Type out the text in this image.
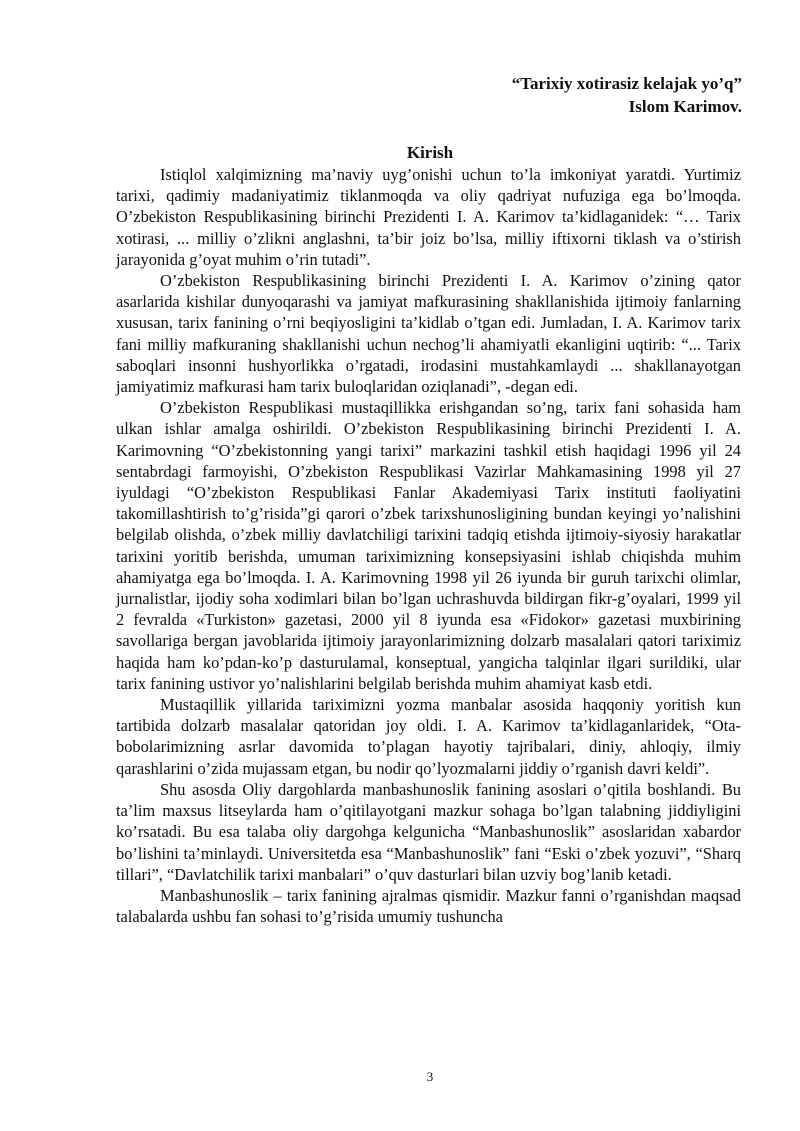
“Tarixiy xotirasiz kelajak yo’q”
Islom Karimov.
Kirish

Istiqlol xalqimizning ma’naviy uyg’onishi uchun to’la imkoniyat yaratdi. Yurtimiz tarixi, qadimiy madaniyatimiz tiklanmoqda va oliy qadriyat nufuziga ega bo’lmoqda. O’zbekiston Respublikasining birinchi Prezidenti I. A. Karimov ta’kidlaganidek: “… Tarix xotirasi, ... milliy o’zlikni anglashni, ta’bir joiz bo’lsa, milliy iftixorni tiklash va o’stirish jarayonida g’oyat muhim o’rin tutadi”.

O’zbekiston Respublikasining birinchi Prezidenti I. A. Karimov o’zining qator asarlarida kishilar dunyoqarashi va jamiyat mafkurasining shakllanishida ijtimoiy fanlarning xususan, tarix fanining o’rni beqiyosligini ta’kidlab o’tgan edi. Jumladan, I. A. Karimov tarix fani milliy mafkuraning shakllanishi uchun nechog’li ahamiyatli ekanligini uqtirib: “... Tarix saboqlari insonni hushyorlikka o’rgatadi, irodasini mustahkamlaydi ... shakllanayotgan jamiyatimiz mafkurasi ham tarix buloqlaridan oziqlanadi”, -degan edi.

O’zbekiston Respublikasi mustaqillikka erishgandan so’ng, tarix fani sohasida ham ulkan ishlar amalga oshirildi. O’zbekiston Respublikasining birinchi Prezidenti I. A. Karimovning “O’zbekistonning yangi tarixi” markazini tashkil etish haqidagi 1996 yil 24 sentabrdagi farmoyishi, O’zbekiston Respublikasi Vazirlar Mahkamasining 1998 yil 27 iyuldagi “O’zbekiston Respublikasi Fanlar Akademiyasi Tarix instituti faoliyatini takomillashtirish to’g’risida”gi qarori o’zbek tarixshunosligining bundan keyingi yo’nalishini belgilab olishda, o’zbek milliy davlatchiligi tarixini tadqiq etishda ijtimoiy-siyosiy harakatlar tarixini yoritib berishda, umuman tariximizning konsepsiyasini ishlab chiqishda muhim ahamiyatga ega bo’lmoqda. I. A. Karimovning 1998 yil 26 iyunda bir guruh tarixchi olimlar, jurnalistlar, ijodiy soha xodimlari bilan bo’lgan uchrashuvda bildirgan fikr-g’oyalari, 1999 yil 2 fevralda «Turkiston» gazetasi, 2000 yil 8 iyunda esa «Fidokor» gazetasi muxbirining savollariga bergan javoblarida ijtimoiy jarayonlarimizning dolzarb masalalari qatori tariximiz haqida ham ko’pdan-ko’p dasturulamal, konseptual, yangicha talqinlar ilgari surildiki, ular tarix fanining ustivor yo’nalishlarini belgilab berishda muhim ahamiyat kasb etdi.

Mustaqillik yillarida tariximizni yozma manbalar asosida haqqoniy yoritish kun tartibida dolzarb masalalar qatoridan joy oldi. I. A. Karimov ta’kidlaganlaridek, “Ota-bobolarimizning asrlar davomida to’plagan hayotiy tajribalari, diniy, ahloqiy, ilmiy qarashlarini o’zida mujassam etgan, bu nodir qo’lyozmalarni jiddiy o’rganish davri keldi”.

Shu asosda Oliy dargohlarda manbashunoslik fanining asoslari o’qitila boshlandi. Bu ta’lim maxsus litseylarda ham o’qitilayotgani mazkur sohaga bo’lgan talabning jiddiyligini ko’rsatadi. Bu esa talaba oliy dargohga kelgunicha “Manbashunoslik” asoslaridan xabardor bo’lishini ta’minlaydi. Universitetda esa “Manbashunoslik” fani “Eski o’zbek yozuvi”, “Sharq tillari”, “Davlatchilik tarixi manbalari” o’quv dasturlari bilan uzviy bog’lanib ketadi.

Manbashunoslik – tarix fanining ajralmas qismidir. Mazkur fanni o’rganishdan maqsad talabalarda ushbu fan sohasi to’g’risida umumiy tushuncha

3
